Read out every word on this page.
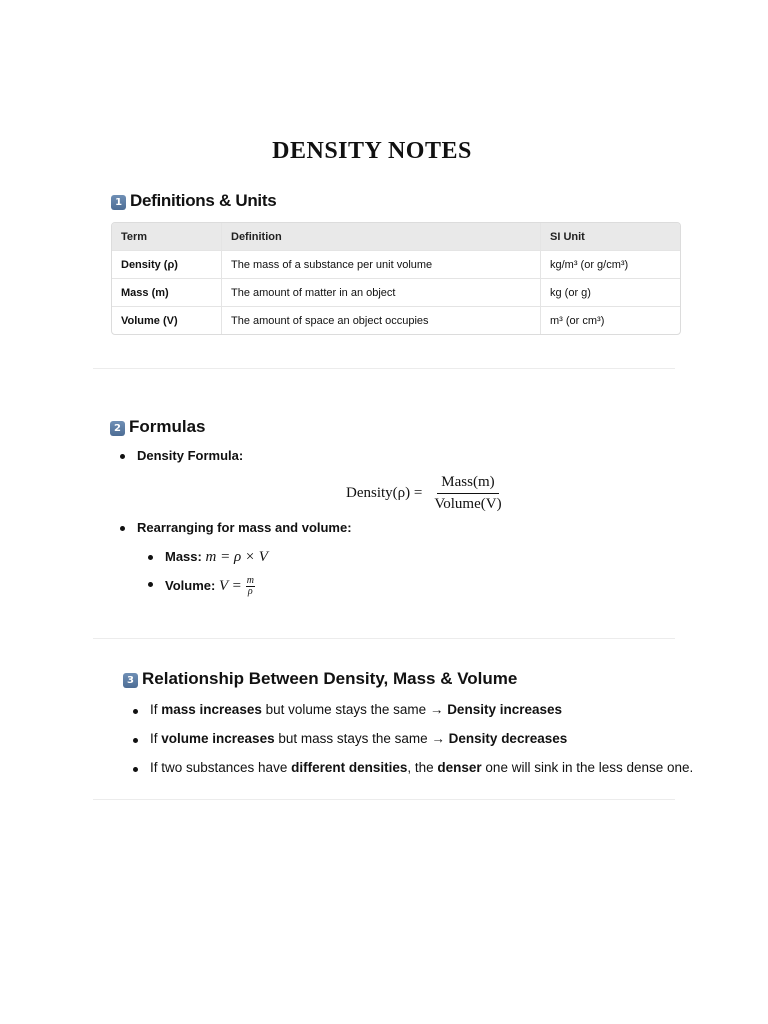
DENSITY NOTES
1 Definitions & Units
Term	Definition	SI Unit
Density (ρ)	The mass of a substance per unit volume	kg/m³ (or g/cm³)
Mass (m)	The amount of matter in an object	kg (or g)
Volume (V)	The amount of space an object occupies	m³ (or cm³)
2 Formulas
Density Formula:
Density(ρ) = $\frac{\text{Mass(m)}}{\text{Volume(V)}}$
Rearranging for mass and volume:
Mass: m = ρ × V
Volume: $V = \frac{m}{\rho}$
3 Relationship Between Density, Mass & Volume
If mass increases but volume stays the same → Density increases
If volume increases but mass stays the same → Density decreases
If two substances have different densities, the denser one will sink in the less dense one.
